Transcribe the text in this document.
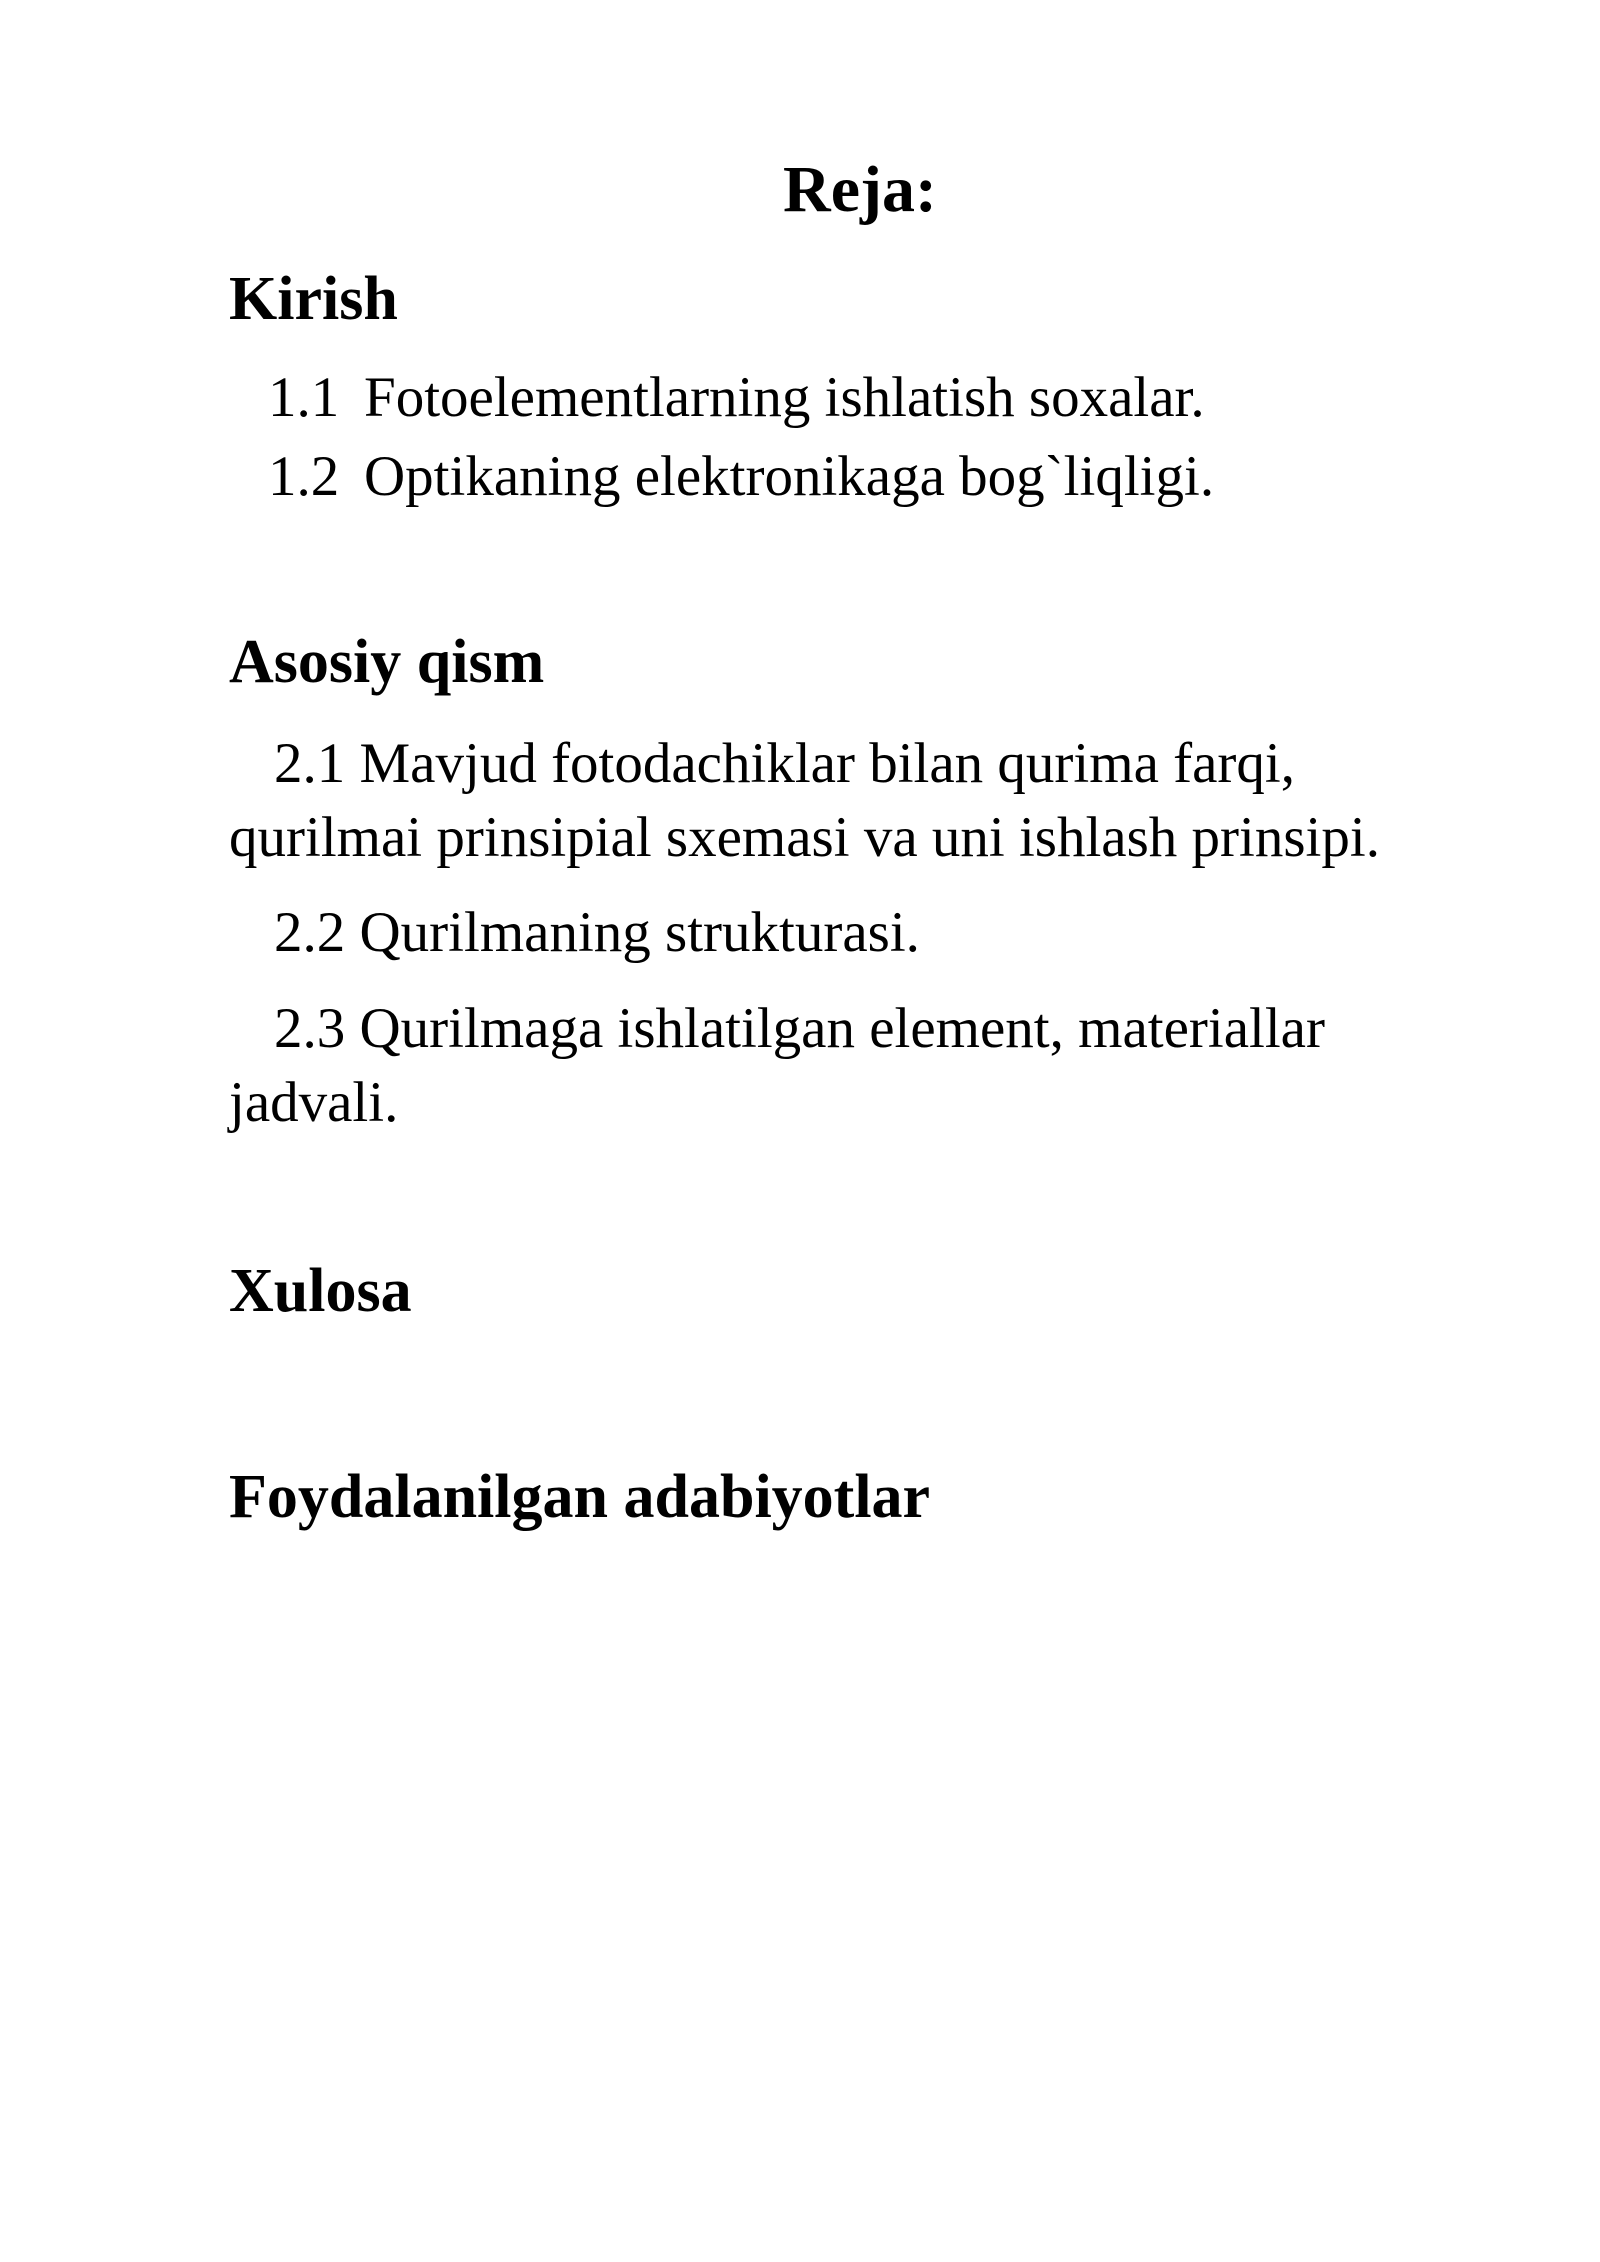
Reja:
Kirish

1.1 Fotoelementlarning ishlatish soxalar.

1.2 Optikaning elektronikaga bog`liqligi.

Asosiy qism

2.1 Mavjud fotodachiklar bilan qurima farqi, qurilmai prinsipial sxemasi va uni ishlash prinsipi.

2.2 Qurilmaning strukturasi.

2.3 Qurilmaga ishlatilgan element, materiallar jadvali.

Xulosa
Foydalanilgan adabiyotlar
